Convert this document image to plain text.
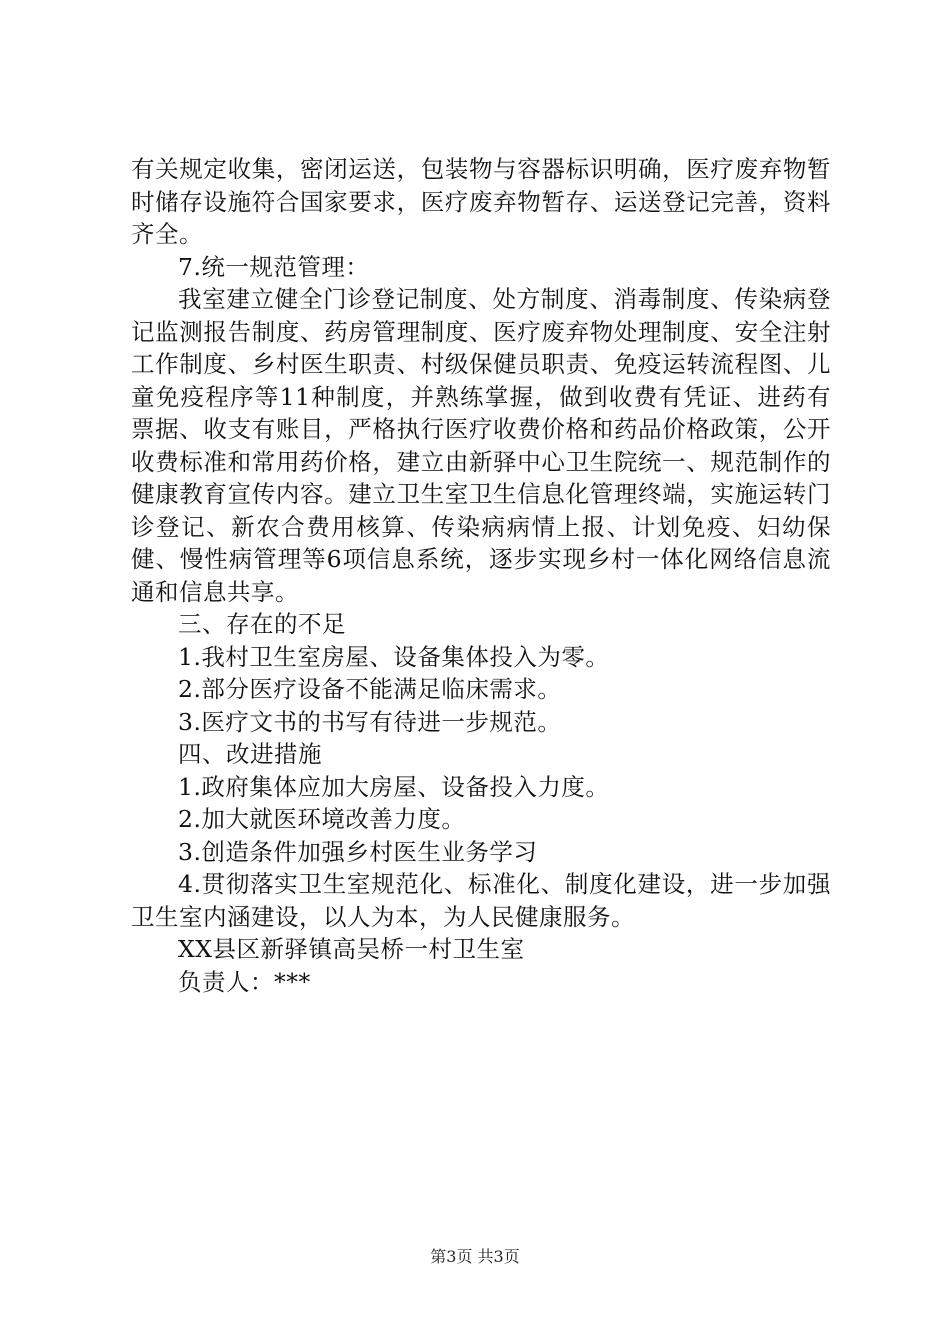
有关规定收集，密闭运送，包装物与容器标识明确，医疗废弃物暂时储存设施符合国家要求，医疗废弃物暂存、运送登记完善，资料齐全。

7.统一规范管理：

我室建立健全门诊登记制度、处方制度、消毒制度、传染病登记监测报告制度、药房管理制度、医疗废弃物处理制度、安全注射工作制度、乡村医生职责、村级保健员职责、免疫运转流程图、儿童免疫程序等11种制度，并熟练掌握，做到收费有凭证、进药有票据、收支有账目，严格执行医疗收费价格和药品价格政策，公开收费标准和常用药价格，建立由新驿中心卫生院统一、规范制作的健康教育宣传内容。建立卫生室卫生信息化管理终端，实施运转门诊登记、新农合费用核算、传染病病情上报、计划免疫、妇幼保健、慢性病管理等6项信息系统，逐步实现乡村一体化网络信息流通和信息共享。

三、存在的不足

1.我村卫生室房屋、设备集体投入为零。

2.部分医疗设备不能满足临床需求。

3.医疗文书的书写有待进一步规范。

四、改进措施

1.政府集体应加大房屋、设备投入力度。

2.加大就医环境改善力度。

3.创造条件加强乡村医生业务学习

4.贯彻落实卫生室规范化、标准化、制度化建设，进一步加强卫生室内涵建设，以人为本，为人民健康服务。

XX县区新驿镇高吴桥一村卫生室

负责人：***

第3页 共3页
